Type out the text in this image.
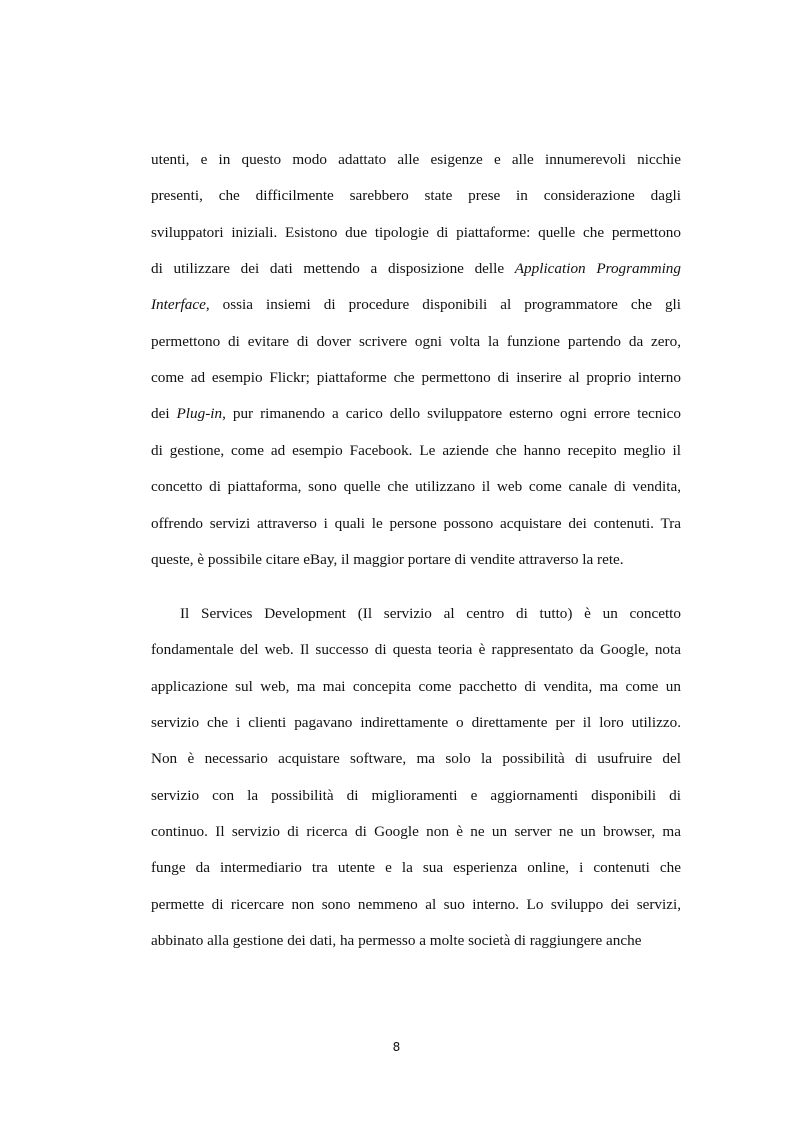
utenti, e in questo modo adattato alle esigenze e alle innumerevoli nicchie
presenti, che difficilmente sarebbero state prese in considerazione dagli
sviluppatori iniziali. Esistono due tipologie di piattaforme: quelle che permettono
di utilizzare dei dati mettendo a disposizione delle Application Programming
Interface, ossia insiemi di procedure disponibili al programmatore che gli
permettono di evitare di dover scrivere ogni volta la funzione partendo da zero,
come ad esempio Flickr; piattaforme che permettono di inserire al proprio interno
dei Plug-in, pur rimanendo a carico dello sviluppatore esterno ogni errore tecnico
di gestione, come ad esempio Facebook. Le aziende che hanno recepito meglio il
concetto di piattaforma, sono quelle che utilizzano il web come canale di vendita,
offrendo servizi attraverso i quali le persone possono acquistare dei contenuti. Tra
queste, è possibile citare eBay, il maggior portare di vendite attraverso la rete.
Il Services Development (Il servizio al centro di tutto) è un concetto
fondamentale del web. Il successo di questa teoria è rappresentato da Google, nota
applicazione sul web, ma mai concepita come pacchetto di vendita, ma come un
servizio che i clienti pagavano indirettamente o direttamente per il loro utilizzo.
Non è necessario acquistare software, ma solo la possibilità di usufruire del
servizio con la possibilità di miglioramenti e aggiornamenti disponibili di
continuo. Il servizio di ricerca di Google non è ne un server ne un browser, ma
funge da intermediario tra utente e la sua esperienza online, i contenuti che
permette di ricercare non sono nemmeno al suo interno. Lo sviluppo dei servizi,
abbinato alla gestione dei dati, ha permesso a molte società di raggiungere anche
8
